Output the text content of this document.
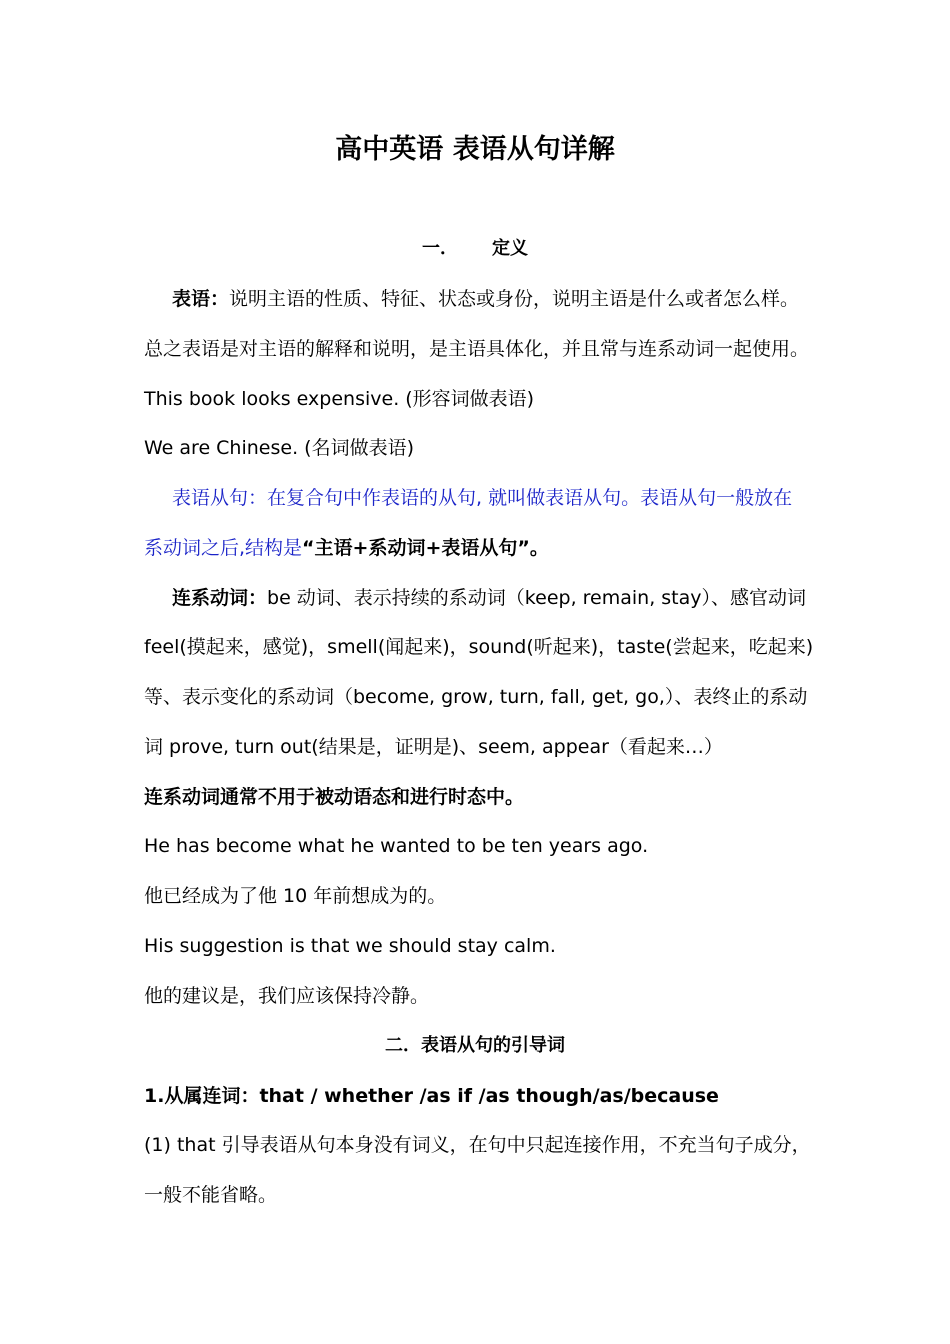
高中英语 表语从句详解
一． 定义
表语：说明主语的性质、特征、状态或身份，说明主语是什么或者怎么样。
总之表语是对主语的解释和说明，是主语具体化，并且常与连系动词一起使用。
This book looks expensive. (形容词做表语)
We are Chinese. (名词做表语)
表语从句：在复合句中作表语的从句, 就叫做表语从句。表语从句一般放在
系动词之后,结构是“主语+系动词+表语从句”。
连系动词：be 动词、表示持续的系动词（keep, remain, stay）、感官动词
feel(摸起来，感觉)，smell(闻起来)，sound(听起来)，taste(尝起来，吃起来)
等、表示变化的系动词（become, grow, turn, fall, get, go,）、表终止的系动
词 prove, turn out(结果是，证明是)、seem, appear（看起来…）
连系动词通常不用于被动语态和进行时态中。
He has become what he wanted to be ten years ago.
他已经成为了他 10 年前想成为的。
His suggestion is that we should stay calm.
他的建议是，我们应该保持冷静。
二．表语从句的引导词
1.从属连词：that / whether /as if /as though/as/because
(1) that 引导表语从句本身没有词义，在句中只起连接作用，不充当句子成分，
一般不能省略。
